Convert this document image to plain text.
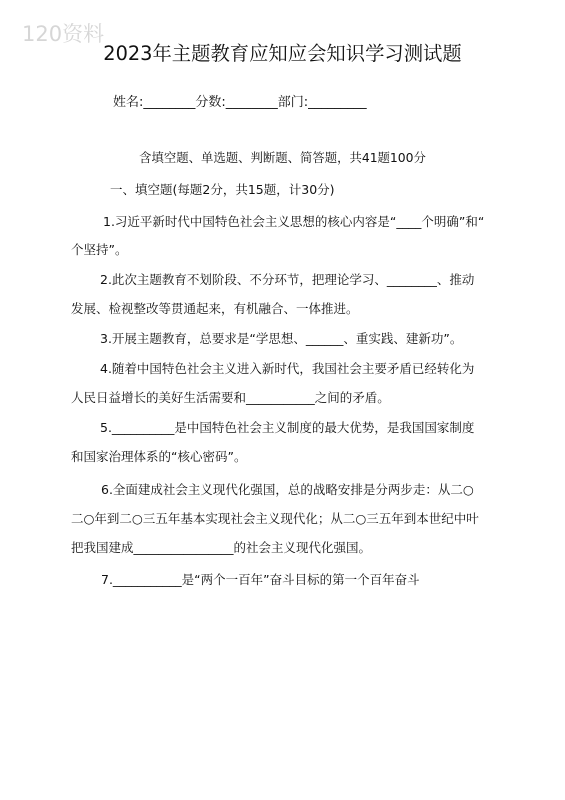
120资料
2023年主题教育应知应会知识学习测试题
姓名:________分数:________部门:_________
含填空题、单选题、判断题、简答题，共41题100分
一、填空题(每题2分，共15题，计30分)
1.习近平新时代中国特色社会主义思想的核心内容是“____个明确”和“
个坚持”。
2.此次主题教育不划阶段、不分环节，把理论学习、________、推动
发展、检视整改等贯通起来，有机融合、一体推进。
3.开展主题教育，总要求是“学思想、______、重实践、建新功”。
4.随着中国特色社会主义进入新时代，我国社会主要矛盾已经转化为
人民日益增长的美好生活需要和___________之间的矛盾。
5.__________是中国特色社会主义制度的最大优势，是我国国家制度
和国家治理体系的“核心密码”。
6.全面建成社会主义现代化强国，总的战略安排是分两步走：从二○
二○年到二○三五年基本实现社会主义现代化；从二○三五年到本世纪中叶
把我国建成________________的社会主义现代化强国。
7.___________是“两个一百年”奋斗目标的第一个百年奋斗
